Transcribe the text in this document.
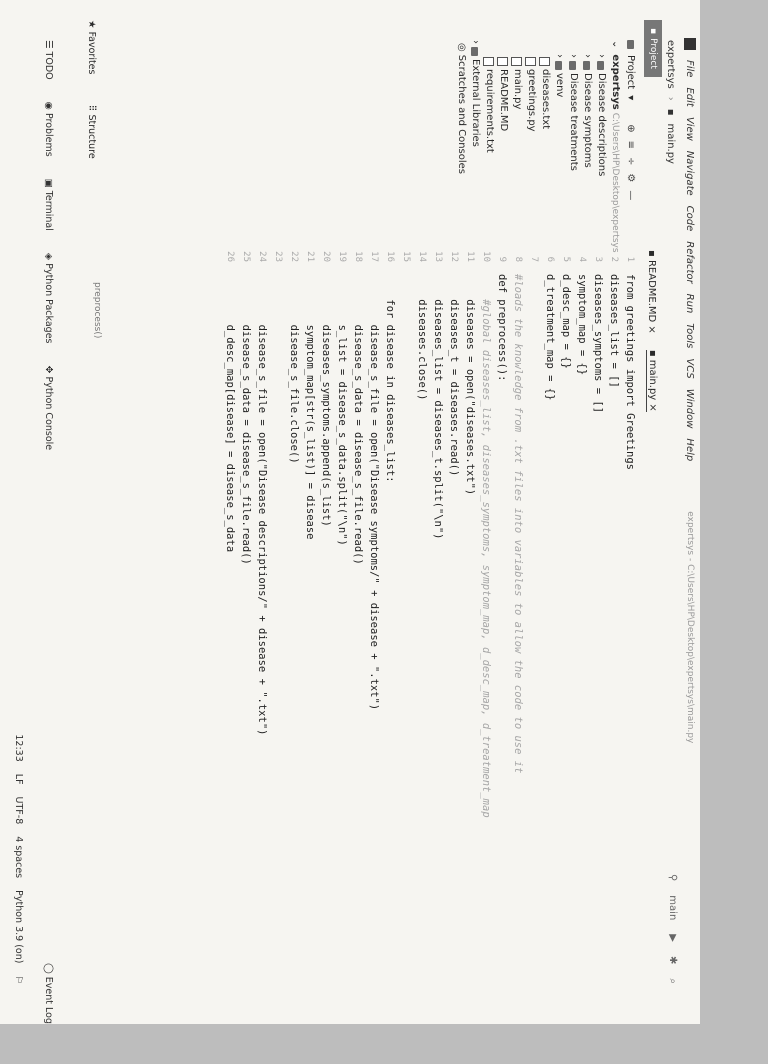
File
Edit
View
Navigate
Code
Refactor
Run
Tools
VCS
Window
Help
expertsys - C:\Users\HP\Desktop\expertsys\main.py
expertsys
›
▪
main.py
⚲
main
▶
✱
⌕
▪
Project
Project
▾
⊕
≡
÷
⚙
—
⌄
expertsys
C:\Users\HP\Desktop\expertsys
›
Disease descriptions
›
Disease symptoms
›
Disease treatments
›
venv
diseases.txt
greetings.py
main.py
README.MD
requirements.txt
›
External Libraries
◎
Scratches and Consoles
▪ README.MD ×
▪ main.py ×
1
2
3
4
5
6
7
8
9
10
11
12
13
14
15
16
17
18
19
20
21
22
23
24
25
26
from greetings import Greetings
diseases_list = []
diseases_symptoms = []
symptom_map = {}
d_desc_map = {}
d_treatment_map = {}
#loads the knowledge from .txt files into variables to allow the code to use it
def preprocess():
#global diseases_list, diseases_symptoms, symptom_map, d_desc_map, d_treatment_map
diseases = open("diseases.txt")
diseases_t = diseases.read()
diseases_list = diseases_t.split("\n")
diseases.close()
for disease in diseases_list:
disease_s_file = open("Disease symptoms/" + disease + ".txt")
disease_s_data = disease_s_file.read()
s_list = disease_s_data.split("\n")
diseases_symptoms.append(s_list)
symptom_map[str(s_list)] = disease
disease_s_file.close()
disease_s_file = open("Disease descriptions/" + disease + ".txt")
disease_s_data = disease_s_file.read()
d_desc_map[disease] = disease_s_data
★ Favorites
⠿ Structure
preprocess()
☰ TODO
◉ Problems
▣ Terminal
◈ Python Packages
✥ Python Console
◯ Event Log
12:33
LF
UTF-8
4 spaces
Python 3.9 (on)
⚐
